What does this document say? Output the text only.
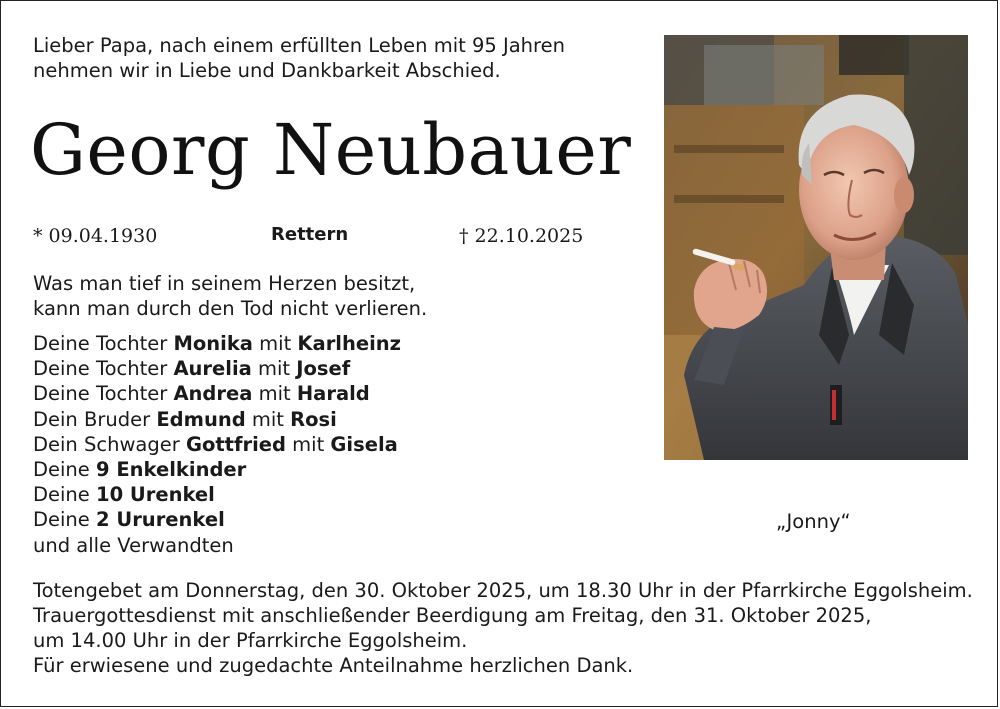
Lieber Papa, nach einem erfüllten Leben mit 95 Jahren
nehmen wir in Liebe und Dankbarkeit Abschied.
Georg Neubauer
* 09.04.1930	Rettern	† 22.10.2025
Was man tief in seinem Herzen besitzt,
kann man durch den Tod nicht verlieren.
Deine Tochter Monika mit Karlheinz
Deine Tochter Aurelia mit Josef
Deine Tochter Andrea mit Harald
Dein Bruder Edmund mit Rosi
Dein Schwager Gottfried mit Gisela
Deine 9 Enkelkinder
Deine 10 Urenkel
Deine 2 Ururenkel
und alle Verwandten
„Jonny“
Totengebet am Donnerstag, den 30. Oktober 2025, um 18.30 Uhr in der Pfarrkirche Eggolsheim.
Trauergottesdienst mit anschließender Beerdigung am Freitag, den 31. Oktober 2025,
um 14.00 Uhr in der Pfarrkirche Eggolsheim.
Für erwiesene und zugedachte Anteilnahme herzlichen Dank.
